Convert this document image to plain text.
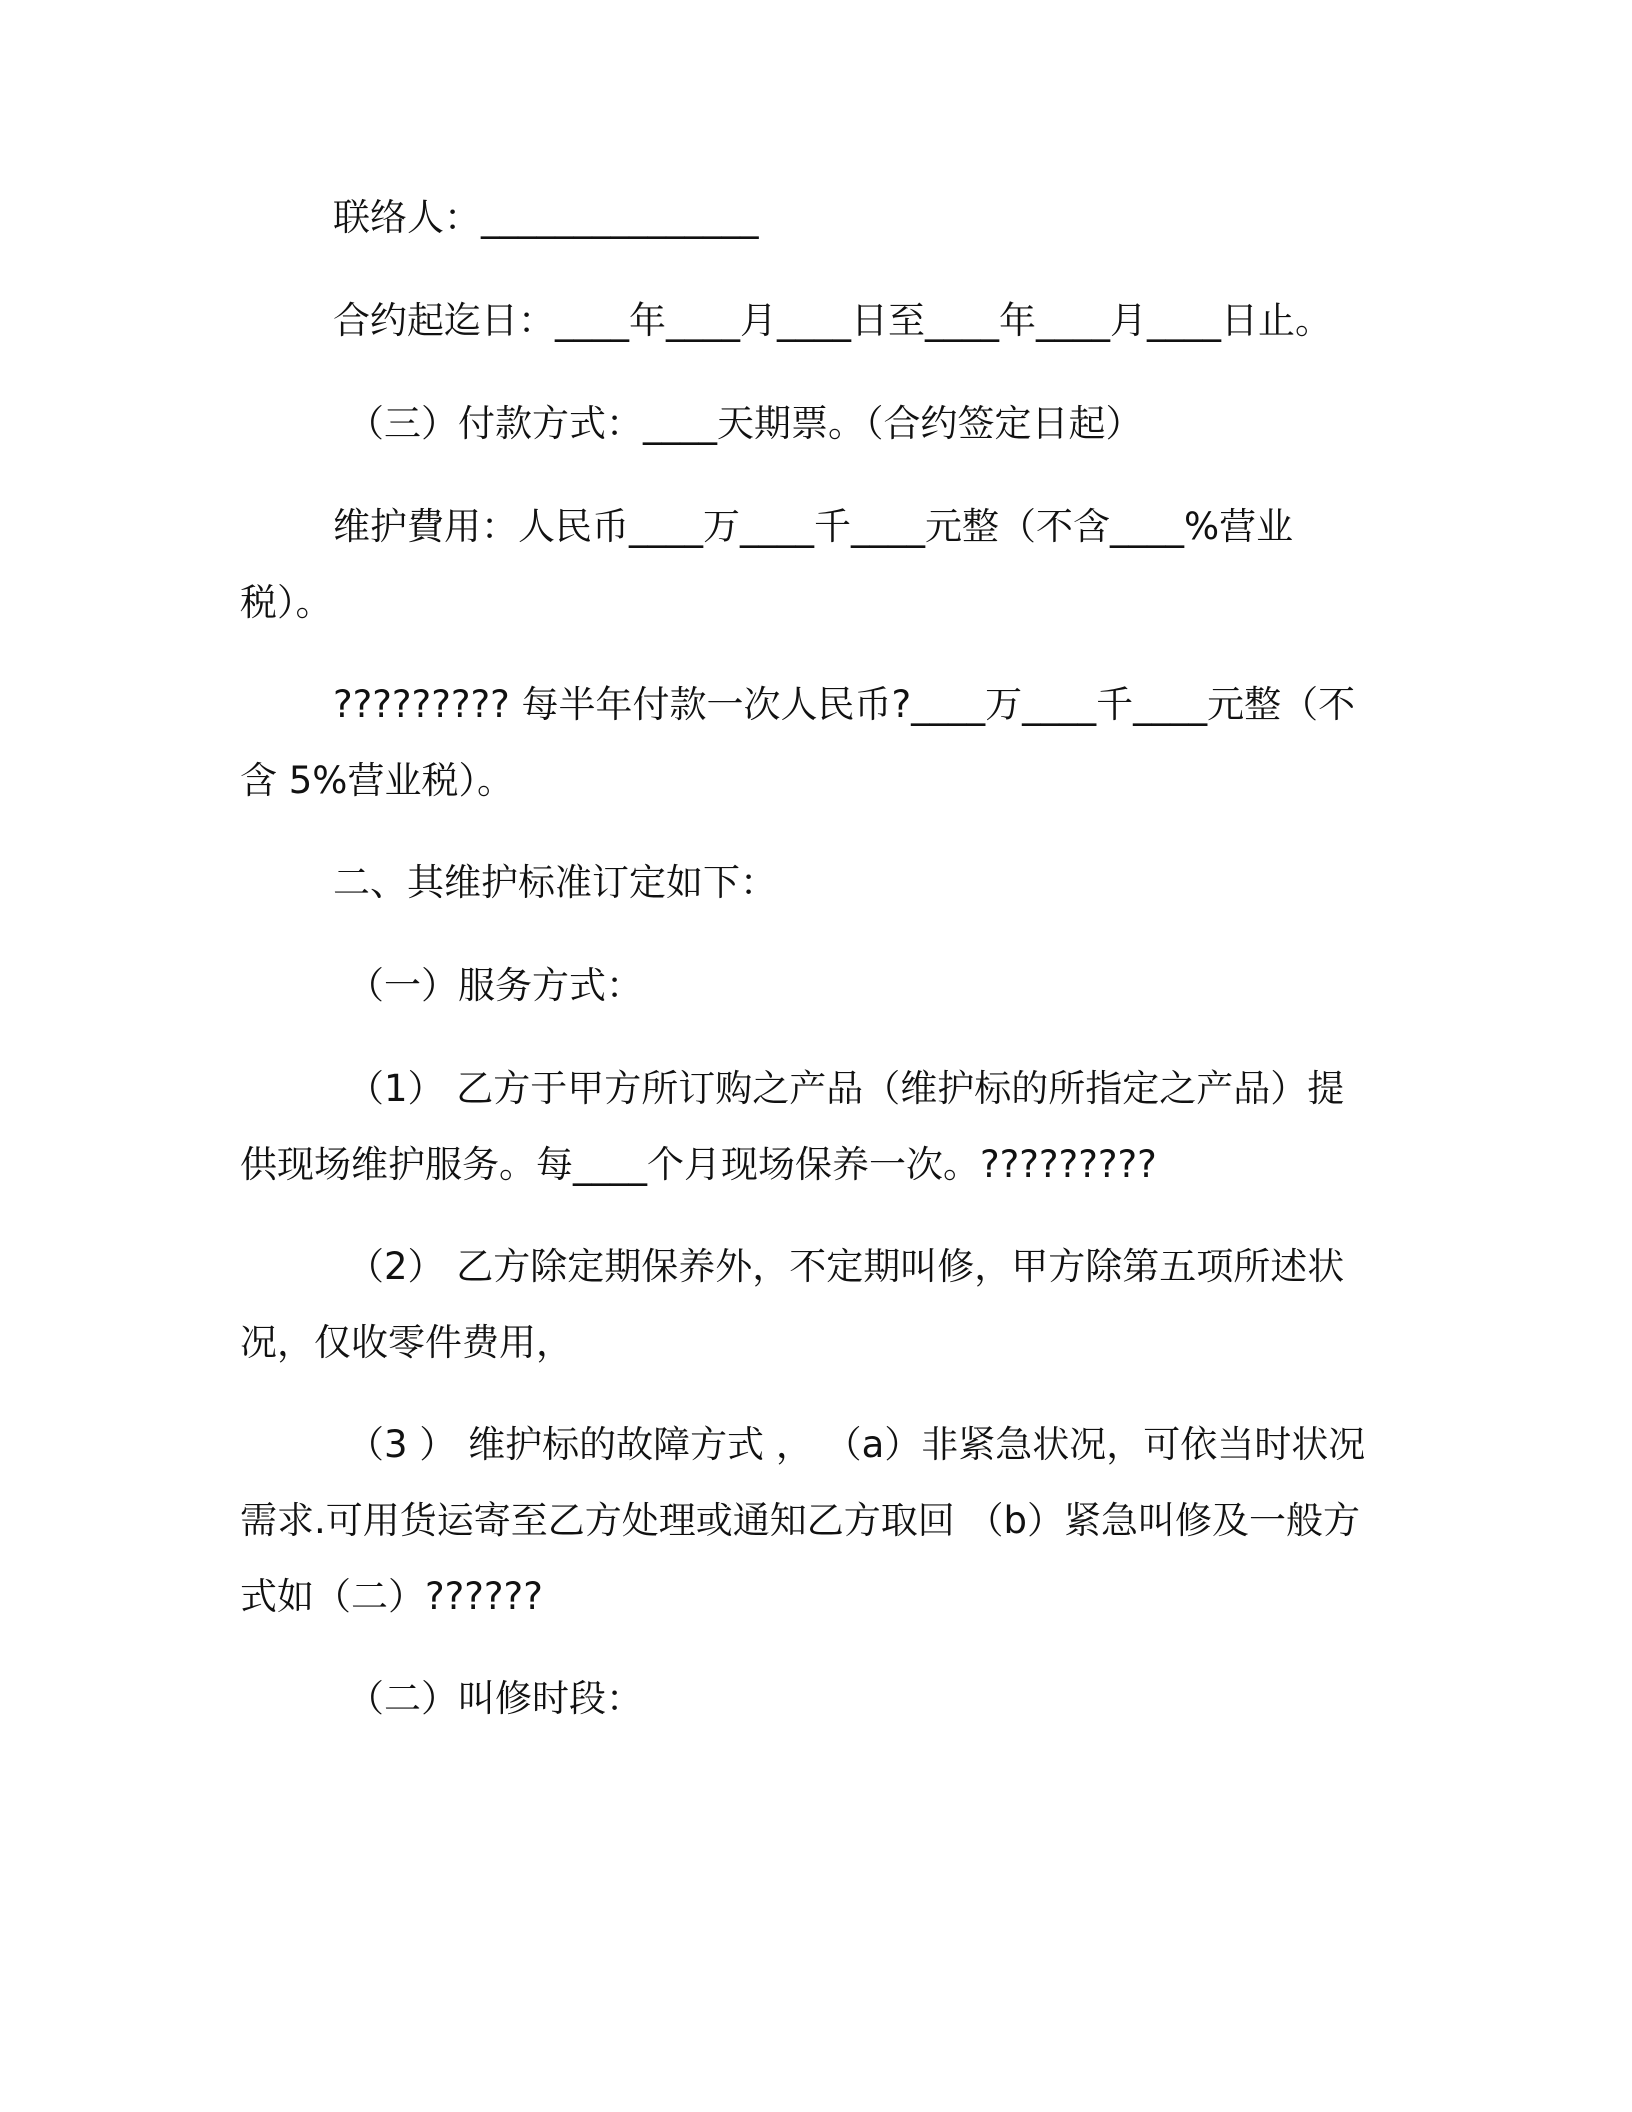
联络人：_______________

合约起迄日：____年____月____日至____年____月____日止。

（三）付款方式：____天期票。（合约签定日起）

维护費用：人民币____万____千____元整（不含____%营业税）。

????????? 每半年付款一次人民币?____万____千____元整（不含 5%营业税）。

二、其维护标准订定如下：

（一）服务方式：

（1） 乙方于甲方所订购之产品（维护标的所指定之产品）提供现场维护服务。每____个月现场保养一次。?????????

（2） 乙方除定期保养外，不定期叫修，甲方除第五项所述状况，仅收零件费用，

（3 ） 维护标的故障方式 ， （a）非紧急状况，可依当时状况需求.可用货运寄至乙方处理或通知乙方取回 （b）紧急叫修及一般方式如（二）??????

（二）叫修时段：
